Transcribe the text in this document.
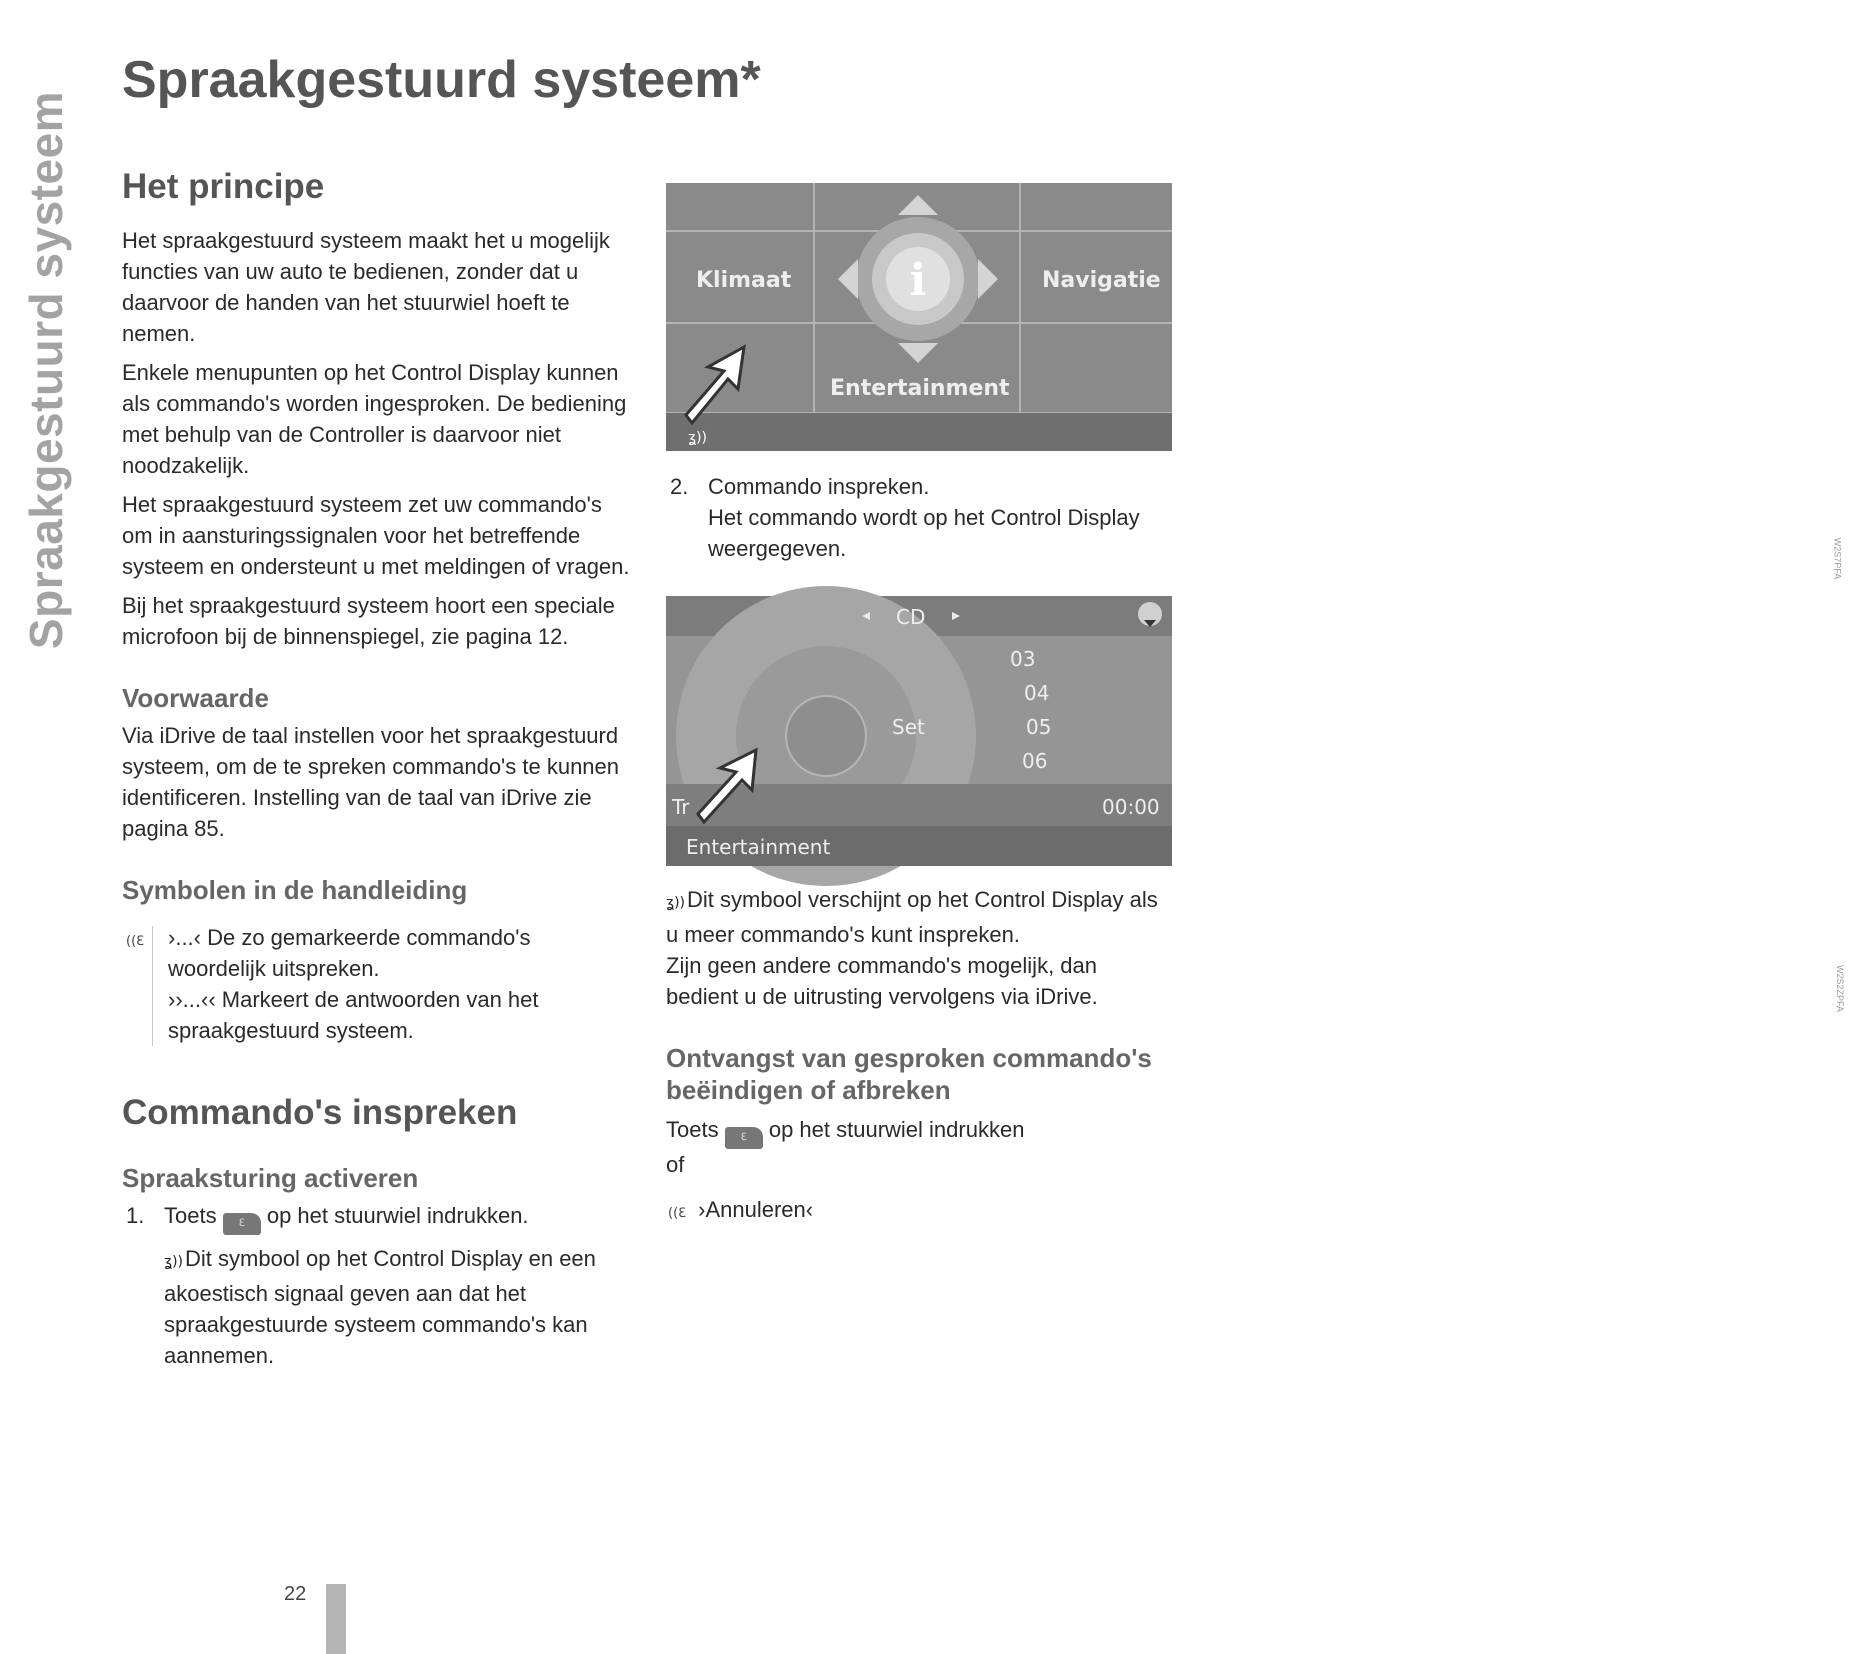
Spraakgestuurd systeem
Spraakgestuurd systeem*
Het principe

Het spraakgestuurd systeem maakt het u mogelijk functies van uw auto te bedienen, zonder dat u daarvoor de handen van het stuurwiel hoeft te nemen.

Enkele menupunten op het Control Display kunnen als commando's worden ingesproken. De bediening met behulp van de Controller is daarvoor niet noodzakelijk.

Het spraakgestuurd systeem zet uw commando's om in aansturingssignalen voor het betreffende systeem en ondersteunt u met meldingen of vragen.

Bij het spraakgestuurd systeem hoort een speciale microfoon bij de binnenspiegel, zie pagina 12.

Voorwaarde

Via iDrive de taal instellen voor het spraakgestuurd systeem, om de te spreken commando's te kunnen identificeren. Instelling van de taal van iDrive zie pagina 85.

Symbolen in de handleiding
((ℇ ›...‹ De zo gemarkeerde commando's woordelijk uitspreken.

››...‹‹ Markeert de antwoorden van het spraakgestuurd systeem.

Commando's inspreken
Spraaksturing activeren
1. Toets ℇ op het stuurwiel indrukken.

ʓ))Dit symbool op het Control Display en een akoestisch signaal geven aan dat het spraakgestuurde systeem commando's kan aannemen.

i
Klimaat	Navigatie
Entertainment
ʓ))
W2S7PFA
2. Commando inspreken.

Het commando wordt op het Control Display weergegeven.

CD
03
04
05
06
Set
Tr	00:00
Entertainment
W2S2ZPFA

ʓ))Dit symbool verschijnt op het Control Display als u meer commando's kunt inspreken.

Zijn geen andere commando's mogelijk, dan bedient u de uitrusting vervolgens via iDrive.

Ontvangst van gesproken commando's beëindigen of afbreken

Toets ℇ op het stuurwiel indrukken

of

((ℇ ›Annuleren‹

22
